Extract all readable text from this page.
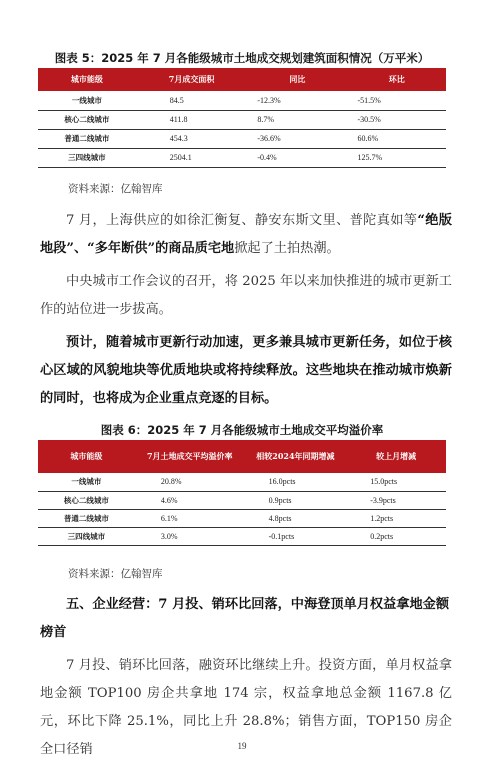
图表 5：2025 年 7 月各能级城市土地成交规划建筑面积情况（万平米）
城市能级	7月成交面积	同比	环比
一线城市	84.5	-12.3%	-51.5%
核心二线城市	411.8	8.7%	-30.5%
普通二线城市	454.3	-36.6%	60.6%
三四线城市	2504.1	-0.4%	125.7%
资料来源：亿翰智库

7 月，上海供应的如徐汇衡复、静安东斯文里、普陀真如等“绝版地段”、“多年断供”的商品质宅地掀起了土拍热潮。

中央城市工作会议的召开，将 2025 年以来加快推进的城市更新工作的站位进一步拔高。

预计，随着城市更新行动加速，更多兼具城市更新任务，如位于核心区域的风貌地块等优质地块或将持续释放。这些地块在推动城市焕新的同时，也将成为企业重点竞逐的目标。

图表 6：2025 年 7 月各能级城市土地成交平均溢价率
城市能级	7月土地成交平均溢价率	相较2024年同期增减	较上月增减
一线城市	20.8%	16.0pcts	15.0pcts
核心二线城市	4.6%	0.9pcts	-3.9pcts
普通二线城市	6.1%	4.8pcts	1.2pcts
三四线城市	3.0%	-0.1pcts	0.2pcts
资料来源：亿翰智库
五、企业经营：7 月投、销环比回落，中海登顶单月权益拿地金额榜首

7 月投、销环比回落，融资环比继续上升。投资方面，单月权益拿地金额 TOP100 房企共拿地 174 宗，权益拿地总金额 1167.8 亿元，环比下降 25.1%，同比上升 28.8%；销售方面，TOP150 房企全口径销	19
